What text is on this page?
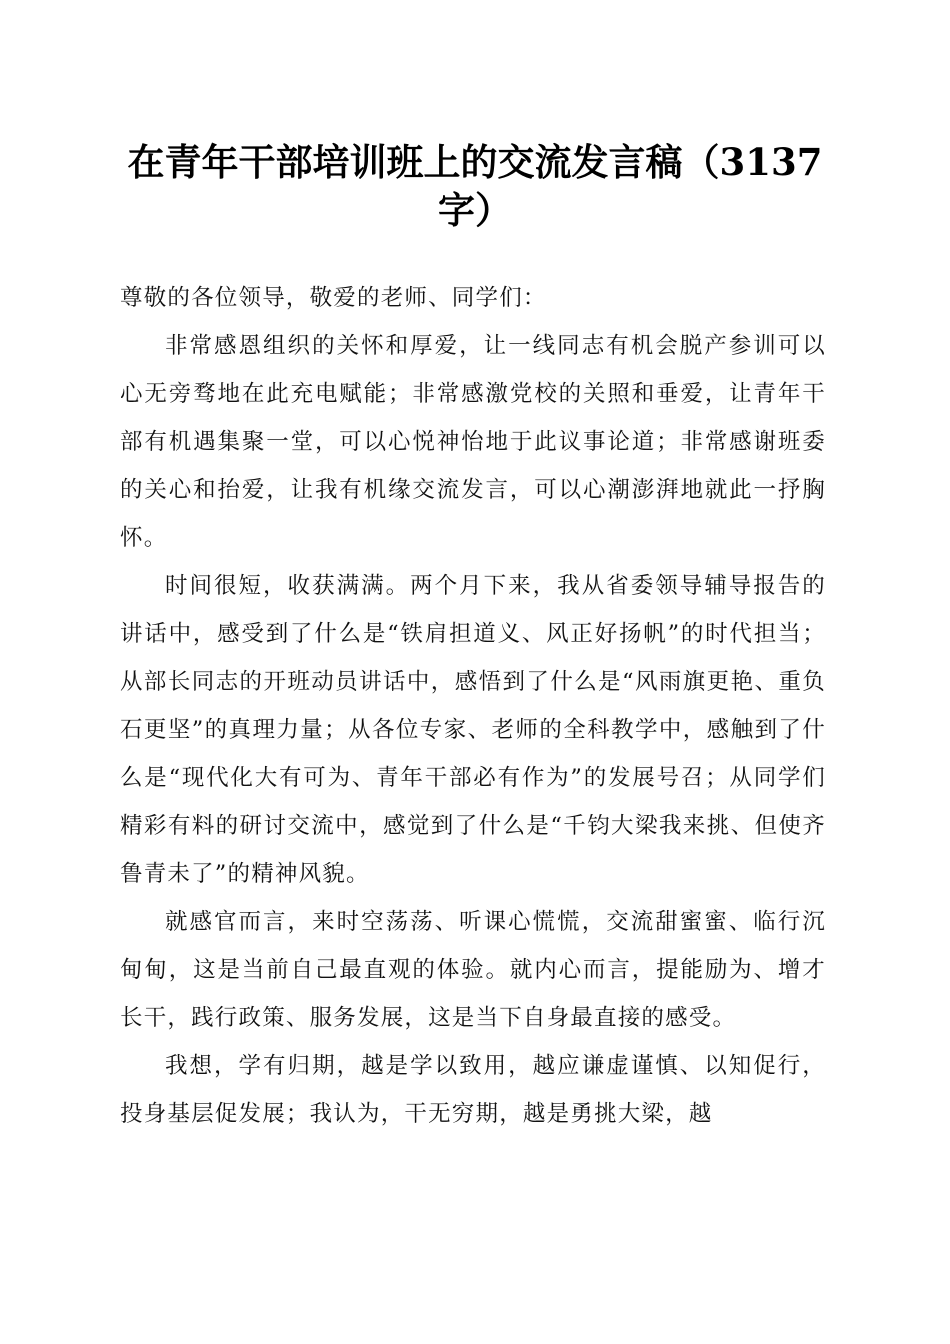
在青年干部培训班上的交流发言稿（3137字）

尊敬的各位领导，敬爱的老师、同学们：

非常感恩组织的关怀和厚爱，让一线同志有机会脱产参训可以心无旁骛地在此充电赋能；非常感激党校的关照和垂爱，让青年干部有机遇集聚一堂，可以心悦神怡地于此议事论道；非常感谢班委的关心和抬爱，让我有机缘交流发言，可以心潮澎湃地就此一抒胸怀。

时间很短，收获满满。两个月下来，我从省委领导辅导报告的讲话中，感受到了什么是“铁肩担道义、风正好扬帆”的时代担当；从部长同志的开班动员讲话中，感悟到了什么是“风雨旗更艳、重负石更坚”的真理力量；从各位专家、老师的全科教学中，感触到了什么是“现代化大有可为、青年干部必有作为”的发展号召；从同学们精彩有料的研讨交流中，感觉到了什么是“千钧大梁我来挑、但使齐鲁青未了”的精神风貌。

就感官而言，来时空荡荡、听课心慌慌，交流甜蜜蜜、临行沉甸甸，这是当前自己最直观的体验。就内心而言，提能励为、增才长干，践行政策、服务发展，这是当下自身最直接的感受。

我想，学有归期，越是学以致用，越应谦虚谨慎、以知促行，投身基层促发展；我认为，干无穷期，越是勇挑大梁，越
